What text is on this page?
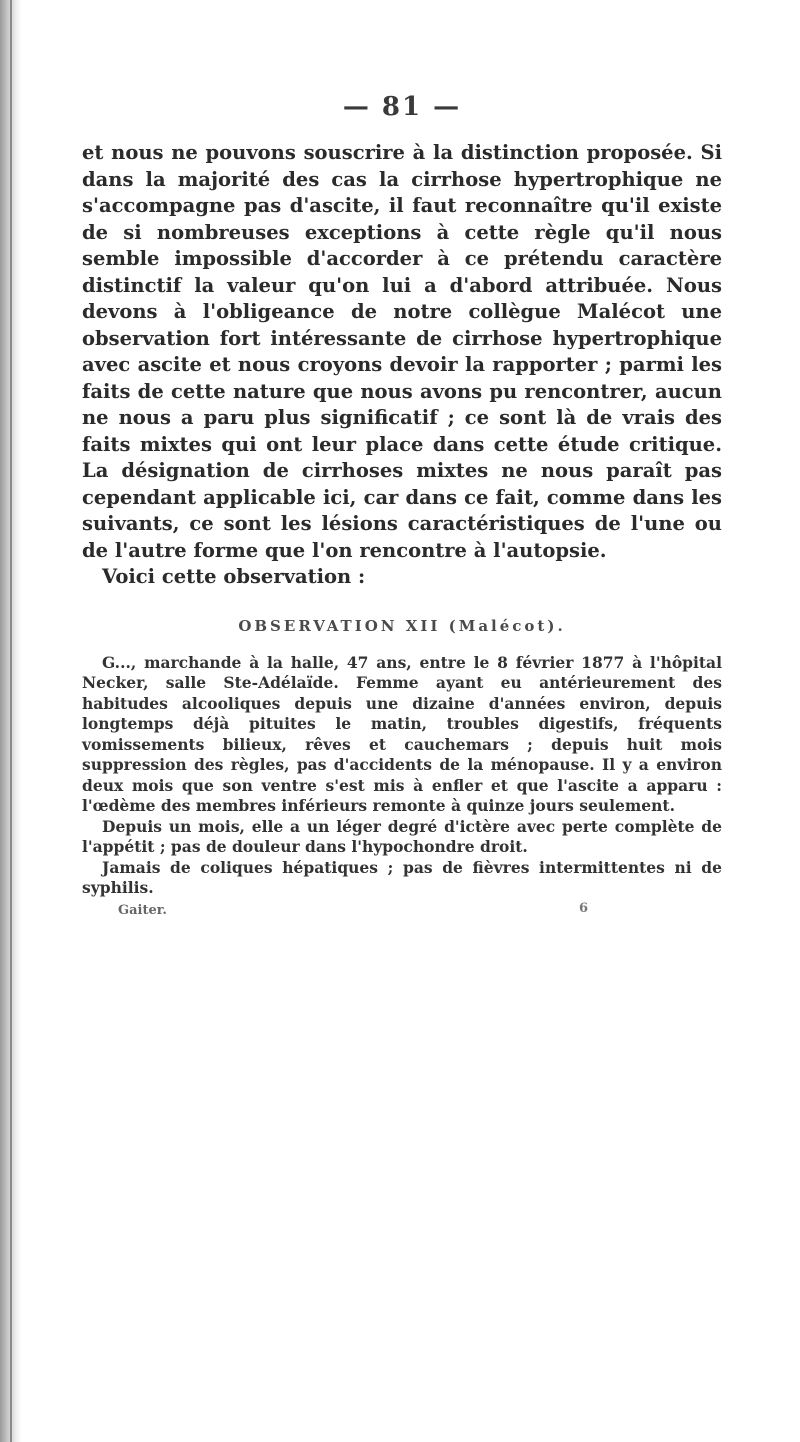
— 81 —

et nous ne pouvons souscrire à la distinction proposée. Si dans la majorité des cas la cirrhose hypertrophique ne s'accompagne pas d'ascite, il faut reconnaître qu'il existe de si nombreuses exceptions à cette règle qu'il nous semble impossible d'accorder à ce prétendu caractère distinctif la valeur qu'on lui a d'abord attribuée. Nous devons à l'obligeance de notre collègue Malécot une observation fort intéressante de cirrhose hypertrophique avec ascite et nous croyons devoir la rapporter ; parmi les faits de cette nature que nous avons pu rencontrer, aucun ne nous a paru plus significatif ; ce sont là de vrais des faits mixtes qui ont leur place dans cette étude critique. La désignation de cirrhoses mixtes ne nous paraît pas cependant applicable ici, car dans ce fait, comme dans les suivants, ce sont les lésions caractéristiques de l'une ou de l'autre forme que l'on rencontre à l'autopsie.

Voici cette observation :

OBSERVATION XII (Malécot).

G..., marchande à la halle, 47 ans, entre le 8 février 1877 à l'hôpital Necker, salle Ste-Adélaïde. Femme ayant eu antérieurement des habitudes alcooliques depuis une dizaine d'années environ, depuis longtemps déjà pituites le matin, troubles digestifs, fréquents vomissements bilieux, rêves et cauchemars ; depuis huit mois suppression des règles, pas d'accidents de la ménopause. Il y a environ deux mois que son ventre s'est mis à enfler et que l'ascite a apparu : l'œdème des membres inférieurs remonte à quinze jours seulement.

Depuis un mois, elle a un léger degré d'ictère avec perte complète de l'appétit ; pas de douleur dans l'hypochondre droit.

Jamais de coliques hépatiques ; pas de fièvres intermittentes ni de syphilis.

Gaiter.	6
